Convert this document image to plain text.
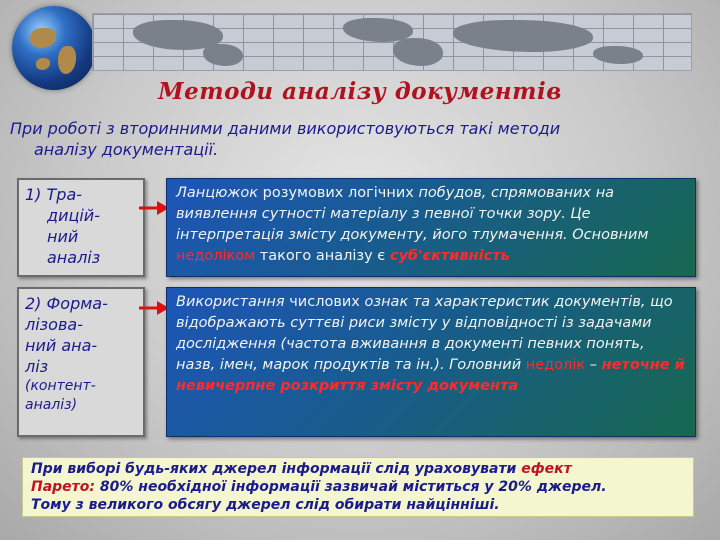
Методи аналізу документів
При роботі з вторинними даними використовуються такі методи
аналізу документації.
1) Тра-
дицій-
ний
аналіз
Ланцюжок розумових логічних побудов, спрямованих на виявлення сутності матеріалу з певної точки зору. Це інтерпретація змісту документу, його тлумачення. Основним недоліком такого аналізу є суб'єктивність
2) Форма-
лізова-
ний ана-
ліз
(контент-
аналіз)
Використання числових ознак та характеристик документів, що відображають суттєві риси змісту у відповідності із задачами дослідження (частота вживання в документі певних понять, назв, імен, марок продуктів та ін.). Головний недолік – неточне й невичерпне розкриття змісту документа
При виборі будь-яких джерел інформації слід ураховувати ефект
Парето: 80% необхідної інформації зазвичай міститься у 20% джерел.
Тому з великого обсягу джерел слід обирати найцінніші.
